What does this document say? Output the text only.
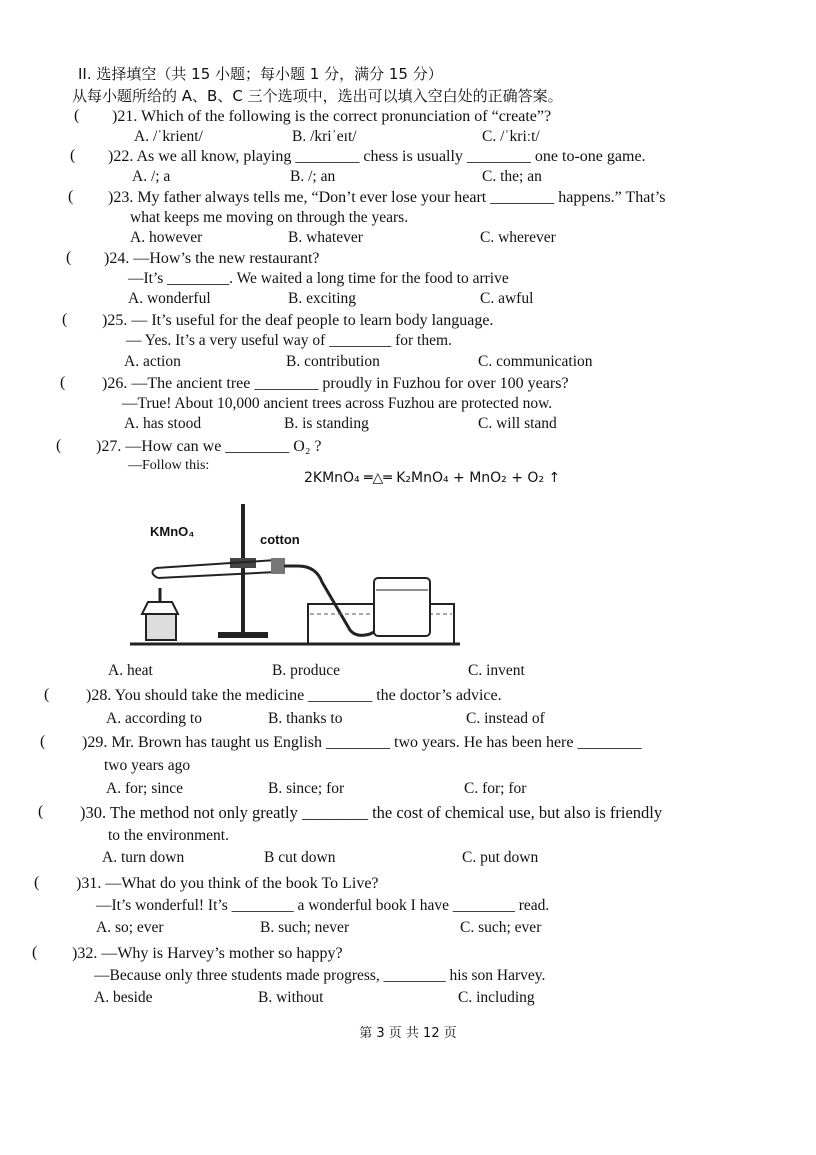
II. 选择填空（共 15 小题；每小题 1 分，满分 15 分）
从每小题所给的 A、B、C 三个选项中，选出可以填入空白处的正确答案。
( )21. Which of the following is the correct pronunciation of “create”?
A. /ˈkrient/	B. /kriˈeɪt/	C. /ˈkriːt/
( )22. As we all know, playing ________ chess is usually ________ one to-one game.
A. /; a	B. /; an	C. the; an
( )23. My father always tells me, “Don’t ever lose your heart ________ happens.” That’s
what keeps me moving on through the years.
A. however	B. whatever	C. wherever
( )24. —How’s the new restaurant?
—It’s ________. We waited a long time for the food to arrive
A. wonderful	B. exciting	C. awful
( )25. — It’s useful for the deaf people to learn body language.
— Yes. It’s a very useful way of ________ for them.
A. action	B. contribution	C. communication
( )26. —The ancient tree ________ proudly in Fuzhou for over 100 years?
—True! About 10,000 ancient trees across Fuzhou are protected now.
A. has stood	B. is standing	C. will stand
( )27. —How can we ________ O₂ ?
—Follow this:
2KMnO₄ ═△═ K₂MnO₄ + MnO₂ + O₂ ↑
KMnO₄
cotton
A. heat	B. produce	C. invent
( )28. You should take the medicine ________ the doctor’s advice.
A. according to	B. thanks to	C. instead of
( )29. Mr. Brown has taught us English ________ two years. He has been here ________
two years ago
A. for; since	B. since; for	C. for; for
( )30. The method not only greatly ________ the cost of chemical use, but also is friendly
to the environment.
A. turn down	B cut down	C. put down
( )31. —What do you think of the book To Live?
—It’s wonderful! It’s ________ a wonderful book I have ________ read.
A. so; ever	B. such; never	C. such; ever
( )32. —Why is Harvey’s mother so happy?
—Because only three students made progress, ________ his son Harvey.
A. beside	B. without	C. including
第 3 页 共 12 页
